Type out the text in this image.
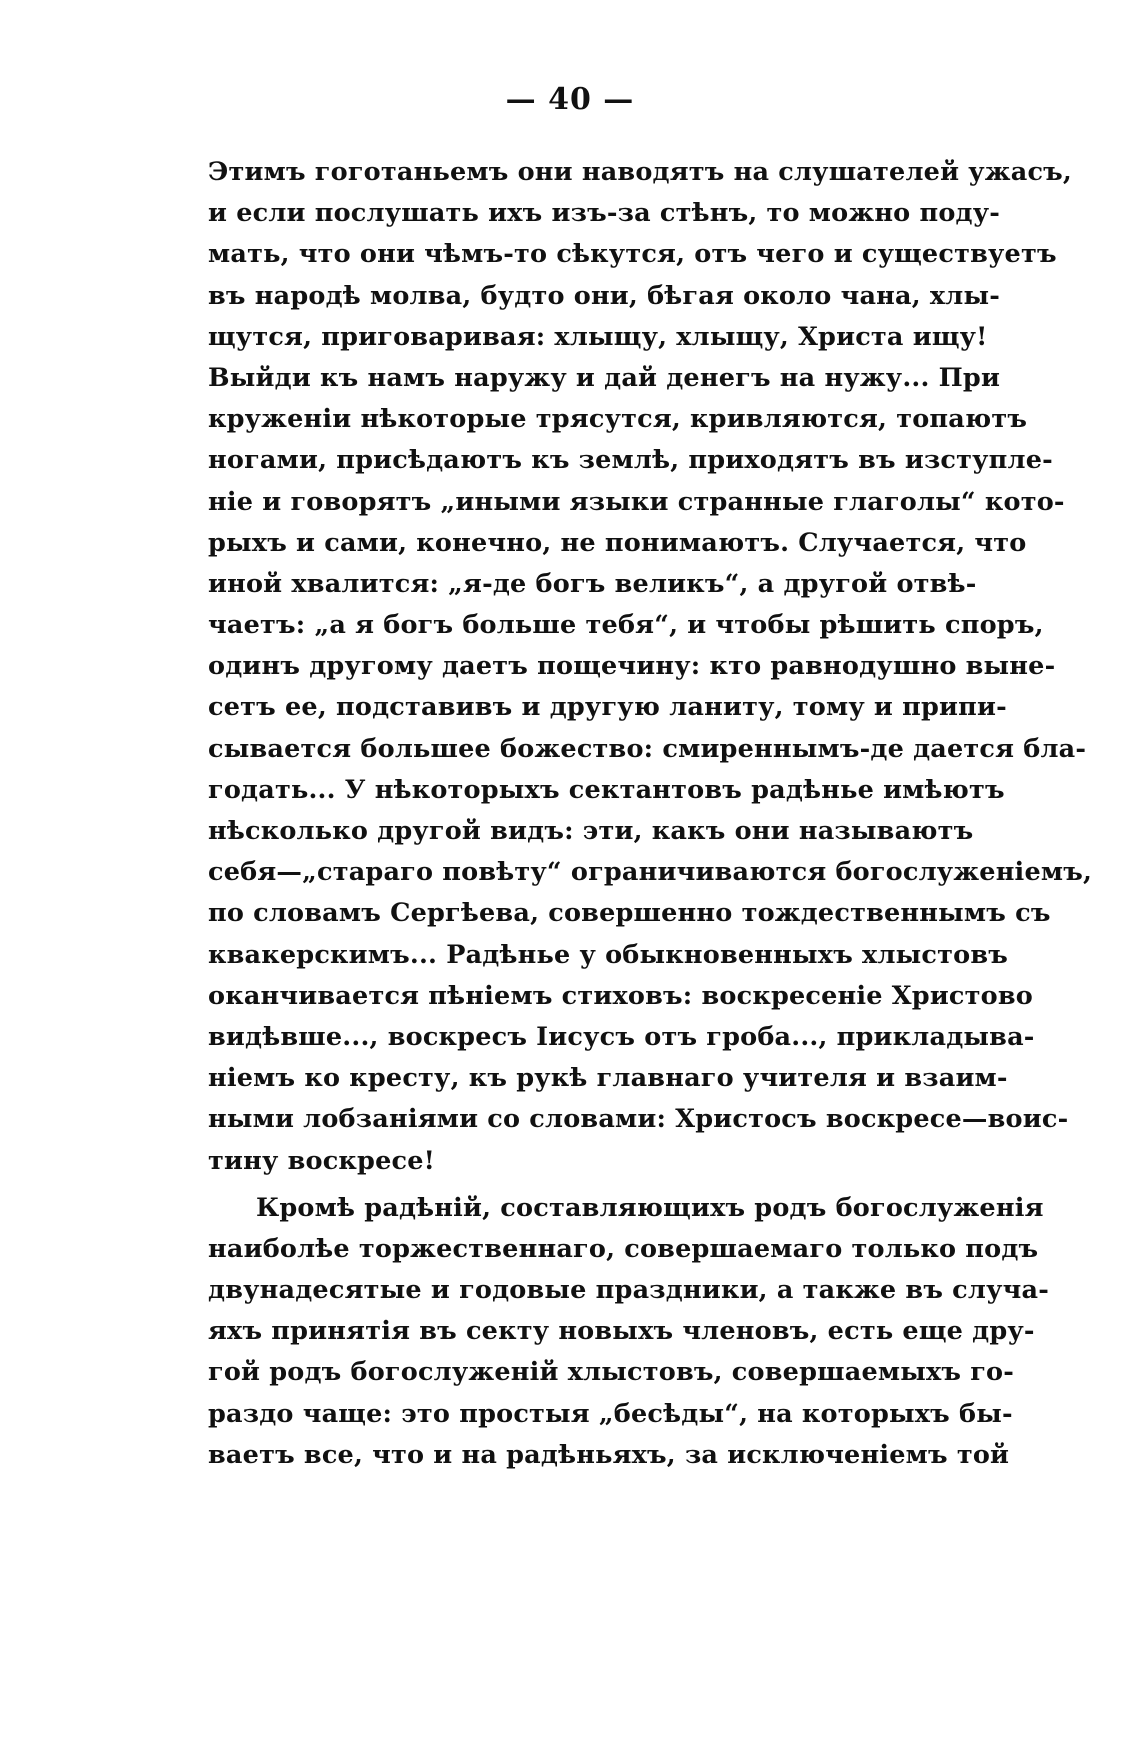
— 40 —
Этимъ гоготаньемъ они наводятъ на слушателей ужасъ,
и если послушать ихъ изъ-за стѣнъ, то можно поду-
мать, что они чѣмъ-то сѣкутся, отъ чего и существуетъ
въ народѣ молва, будто они, бѣгая около чана, хлы-
щутся, приговаривая: хлыщу, хлыщу, Христа ищу!
Выйди къ намъ наружу и дай денегъ на нужу... При
круженіи нѣкоторые трясутся, кривляются, топаютъ
ногами, присѣдаютъ къ землѣ, приходятъ въ изступле-
ніе и говорятъ „иными языки странные глаголы“ кото-
рыхъ и сами, конечно, не понимаютъ. Случается, что
иной хвалится: „я-де богъ великъ“, а другой отвѣ-
чаетъ: „а я богъ больше тебя“, и чтобы рѣшить споръ,
одинъ другому даетъ пощечину: кто равнодушно выне-
сетъ ее, подставивъ и другую ланиту, тому и припи-
сывается большее божество: смиреннымъ-де дается бла-
годать... У нѣкоторыхъ сектантовъ радѣнье имѣютъ
нѣсколько другой видъ: эти, какъ они называютъ
себя—„стараго повѣту“ ограничиваются богослуженіемъ,
по словамъ Сергѣева, совершенно тождественнымъ съ
квакерскимъ... Радѣнье у обыкновенныхъ хлыстовъ
оканчивается пѣніемъ стиховъ: воскресеніе Христово
видѣвше..., воскресъ Іисусъ отъ гроба..., прикладыва-
ніемъ ко кресту, къ рукѣ главнаго учителя и взаим-
ными лобзаніями со словами: Христосъ воскресе—воис-
тину воскресе!
Кромѣ радѣній, составляющихъ родъ богослуженія
наиболѣе торжественнаго, совершаемаго только подъ
двунадесятые и годовые праздники, а также въ случа-
яхъ принятія въ секту новыхъ членовъ, есть еще дру-
гой родъ богослуженій хлыстовъ, совершаемыхъ го-
раздо чаще: это простыя „бесѣды“, на которыхъ бы-
ваетъ все, что и на радѣньяхъ, за исключеніемъ той
